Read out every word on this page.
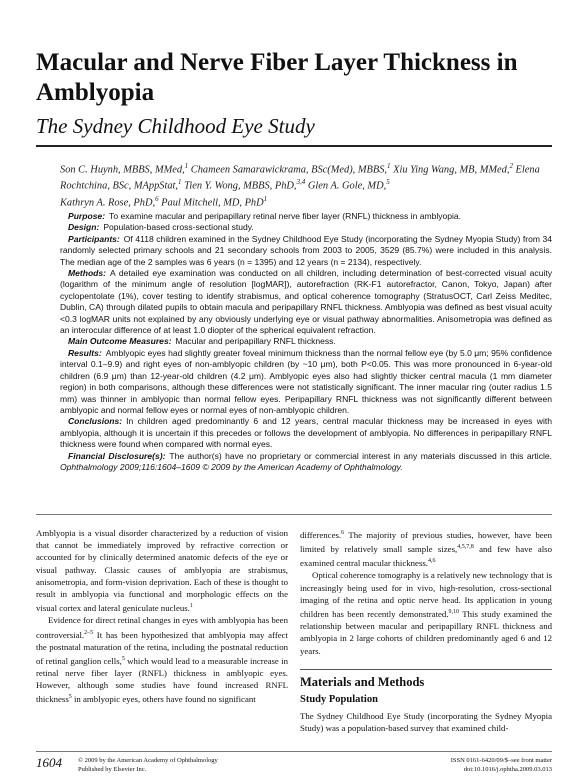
Macular and Nerve Fiber Layer Thickness in Amblyopia
The Sydney Childhood Eye Study
Son C. Huynh, MBBS, MMed,$^1$ Chameen Samarawickrama, BSc(Med), MBBS,$^1$ Xiu Ying Wang, MB, MMed,$^2$ Elena Rochtchina, BSc, MAppStat,$^1$ Tien Y. Wong, MBBS, PhD,$^{3,4}$ Glen A. Gole, MD,$^5$
Kathryn A. Rose, PhD,$^6$ Paul Mitchell, MD, PhD$^1$

Purpose: To examine macular and peripapillary retinal nerve fiber layer (RNFL) thickness in amblyopia.

Design: Population-based cross-sectional study.

Participants: Of 4118 children examined in the Sydney Childhood Eye Study (incorporating the Sydney Myopia Study) from 34 randomly selected primary schools and 21 secondary schools from 2003 to 2005, 3529 (85.7%) were included in this analysis. The median age of the 2 samples was 6 years (n = 1395) and 12 years (n = 2134), respectively.

Methods: A detailed eye examination was conducted on all children, including determination of best-corrected visual acuity (logarithm of the minimum angle of resolution [logMAR]), autorefraction (RK-F1 autorefractor, Canon, Tokyo, Japan) after cyclopentolate (1%), cover testing to identify strabismus, and optical coherence tomography (StratusOCT, Carl Zeiss Meditec, Dublin, CA) through dilated pupils to obtain macula and peripapillary RNFL thickness. Amblyopia was defined as best visual acuity <0.3 logMAR units not explained by any obviously underlying eye or visual pathway abnormalities. Anisometropia was defined as an interocular difference of at least 1.0 diopter of the spherical equivalent refraction.

Main Outcome Measures: Macular and peripapillary RNFL thickness.

Results: Amblyopic eyes had slightly greater foveal minimum thickness than the normal fellow eye (by 5.0 μm; 95% confidence interval 0.1–9.9) and right eyes of non-amblyopic children (by ~10 μm), both P<0.05. This was more pronounced in 6-year-old children (6.9 μm) than 12-year-old children (4.2 μm). Amblyopic eyes also had slightly thicker central macula (1 mm diameter region) in both comparisons, although these differences were not statistically significant. The inner macular ring (outer radius 1.5 mm) was thinner in amblyopic than normal fellow eyes. Peripapillary RNFL thickness was not significantly different between amblyopic and normal fellow eyes or normal eyes of non-amblyopic children.

Conclusions: In children aged predominantly 6 and 12 years, central macular thickness may be increased in eyes with amblyopia, although it is uncertain if this precedes or follows the development of amblyopia. No differences in peripapillary RNFL thickness were found when compared with normal eyes.

Financial Disclosure(s): The author(s) have no proprietary or commercial interest in any materials discussed in this article. Ophthalmology 2009;116:1604–1609 © 2009 by the American Academy of Ophthalmology.

Amblyopia is a visual disorder characterized by a reduction of vision that cannot be immediately improved by refractive correction or accounted for by clinically determined anatomic defects of the eye or visual pathway. Classic causes of amblyopia are strabismus, anisometropia, and form-vision deprivation. Each of these is thought to result in amblyopia via functional and morphologic effects on the visual cortex and lateral geniculate nucleus.$^1$

Evidence for direct retinal changes in eyes with amblyopia has been controversial.$^{2-5}$ It has been hypothesized that amblyopia may affect the postnatal maturation of the retina, including the postnatal reduction of retinal ganglion cells,$^5$ which would lead to a measurable increase in retinal nerve fiber layer (RNFL) thickness in amblyopic eyes. However, although some studies have found increased RNFL thickness$^5$ in amblyopic eyes, others have found no significant

differences.$^6$ The majority of previous studies, however, have been limited by relatively small sample sizes,$^{4,5,7,8}$ and few have also examined central macular thickness.$^{4,6}$

Optical coherence tomography is a relatively new technology that is increasingly being used for in vivo, high-resolution, cross-sectional imaging of the retina and optic nerve head. Its application in young children has been recently demonstrated.$^{9,10}$ This study examined the relationship between macular and peripapillary RNFL thickness and amblyopia in 2 large cohorts of children predominantly aged 6 and 12 years.

Materials and Methods
Study Population

The Sydney Childhood Eye Study (incorporating the Sydney Myopia Study) was a population-based survey that examined child-

1604 © 2009 by the American Academy of Ophthalmology
Published by Elsevier Inc.
ISSN 0161-6420/09/$–see front matter
doi:10.1016/j.ophtha.2009.03.013
